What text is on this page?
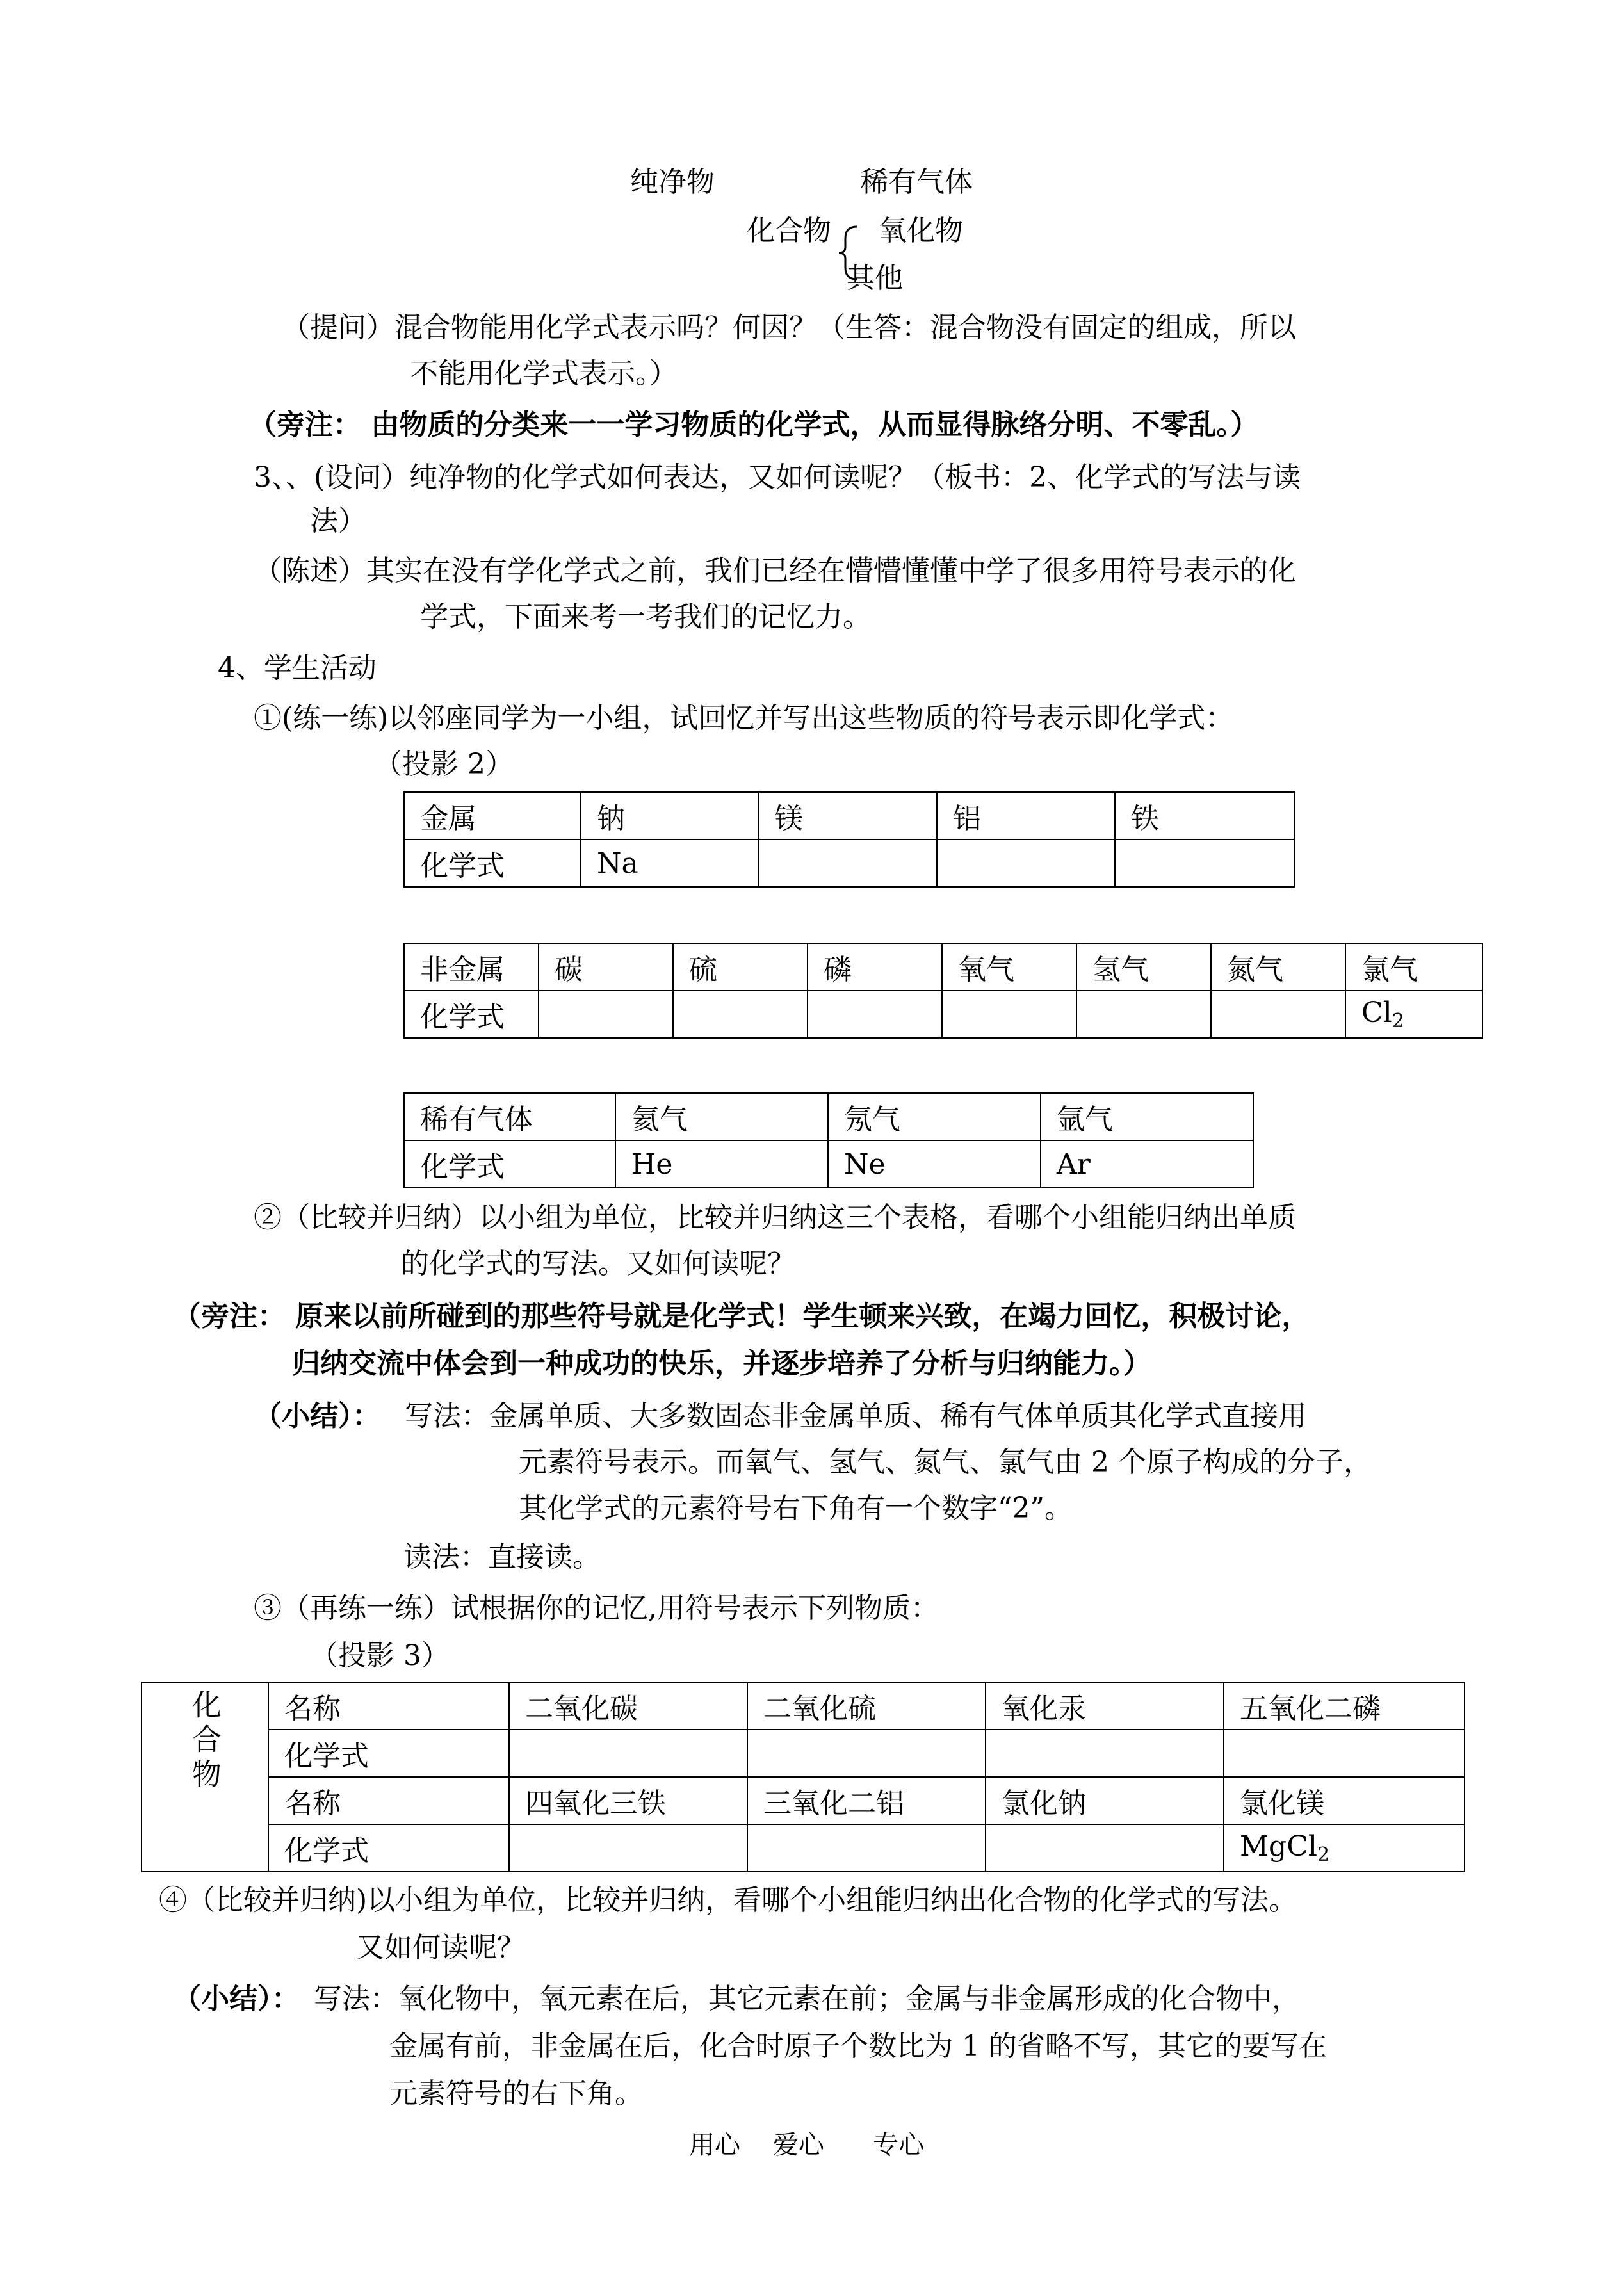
纯净物	稀有气体
化合物 氧化物
其他
（提问）混合物能用化学式表示吗？何因？（生答：混合物没有固定的组成，所以
不能用化学式表示。）
（旁注： 由物质的分类来一一学习物质的化学式，从而显得脉络分明、不零乱。）
3、、(设问）纯净物的化学式如何表达，又如何读呢？（板书：2、化学式的写法与读
法）
（陈述）其实在没有学化学式之前，我们已经在懵懵懂懂中学了很多用符号表示的化
学式，下面来考一考我们的记忆力。
4、学生活动
①(练一练)以邻座同学为一小组，试回忆并写出这些物质的符号表示即化学式：
（投影 2）
金属	钠	镁	铝	铁
化学式	Na			
非金属	碳	硫	磷	氧气	氢气	氮气	氯气
化学式							$Cl_2$
稀有气体	氦气	氖气	氩气
化学式	He	Ne	Ar
②（比较并归纳）以小组为单位，比较并归纳这三个表格，看哪个小组能归纳出单质
的化学式的写法。又如何读呢？
（旁注： 原来以前所碰到的那些符号就是化学式！学生顿来兴致，在竭力回忆，积极讨论，
归纳交流中体会到一种成功的快乐，并逐步培养了分析与归纳能力。）
（小结）： 写法：金属单质、大多数固态非金属单质、稀有气体单质其化学式直接用
元素符号表示。而氧气、氢气、氮气、氯气由 2 个原子构成的分子，
其化学式的元素符号右下角有一个数字“2”。
读法：直接读。
③（再练一练）试根据你的记忆,用符号表示下列物质：
（投影 3）
化合物	名称	二氧化碳	二氧化硫	氧化汞	五氧化二磷
	化学式				
	名称	四氧化三铁	三氧化二铝	氯化钠	氯化镁
	化学式				MgCl$_2$
④（比较并归纳)以小组为单位，比较并归纳，看哪个小组能归纳出化合物的化学式的写法。
又如何读呢？
（小结）： 写法：氧化物中，氧元素在后，其它元素在前；金属与非金属形成的化合物中，
金属有前，非金属在后，化合时原子个数比为 1 的省略不写，其它的要写在
元素符号的右下角。
用心    爱心      专心
